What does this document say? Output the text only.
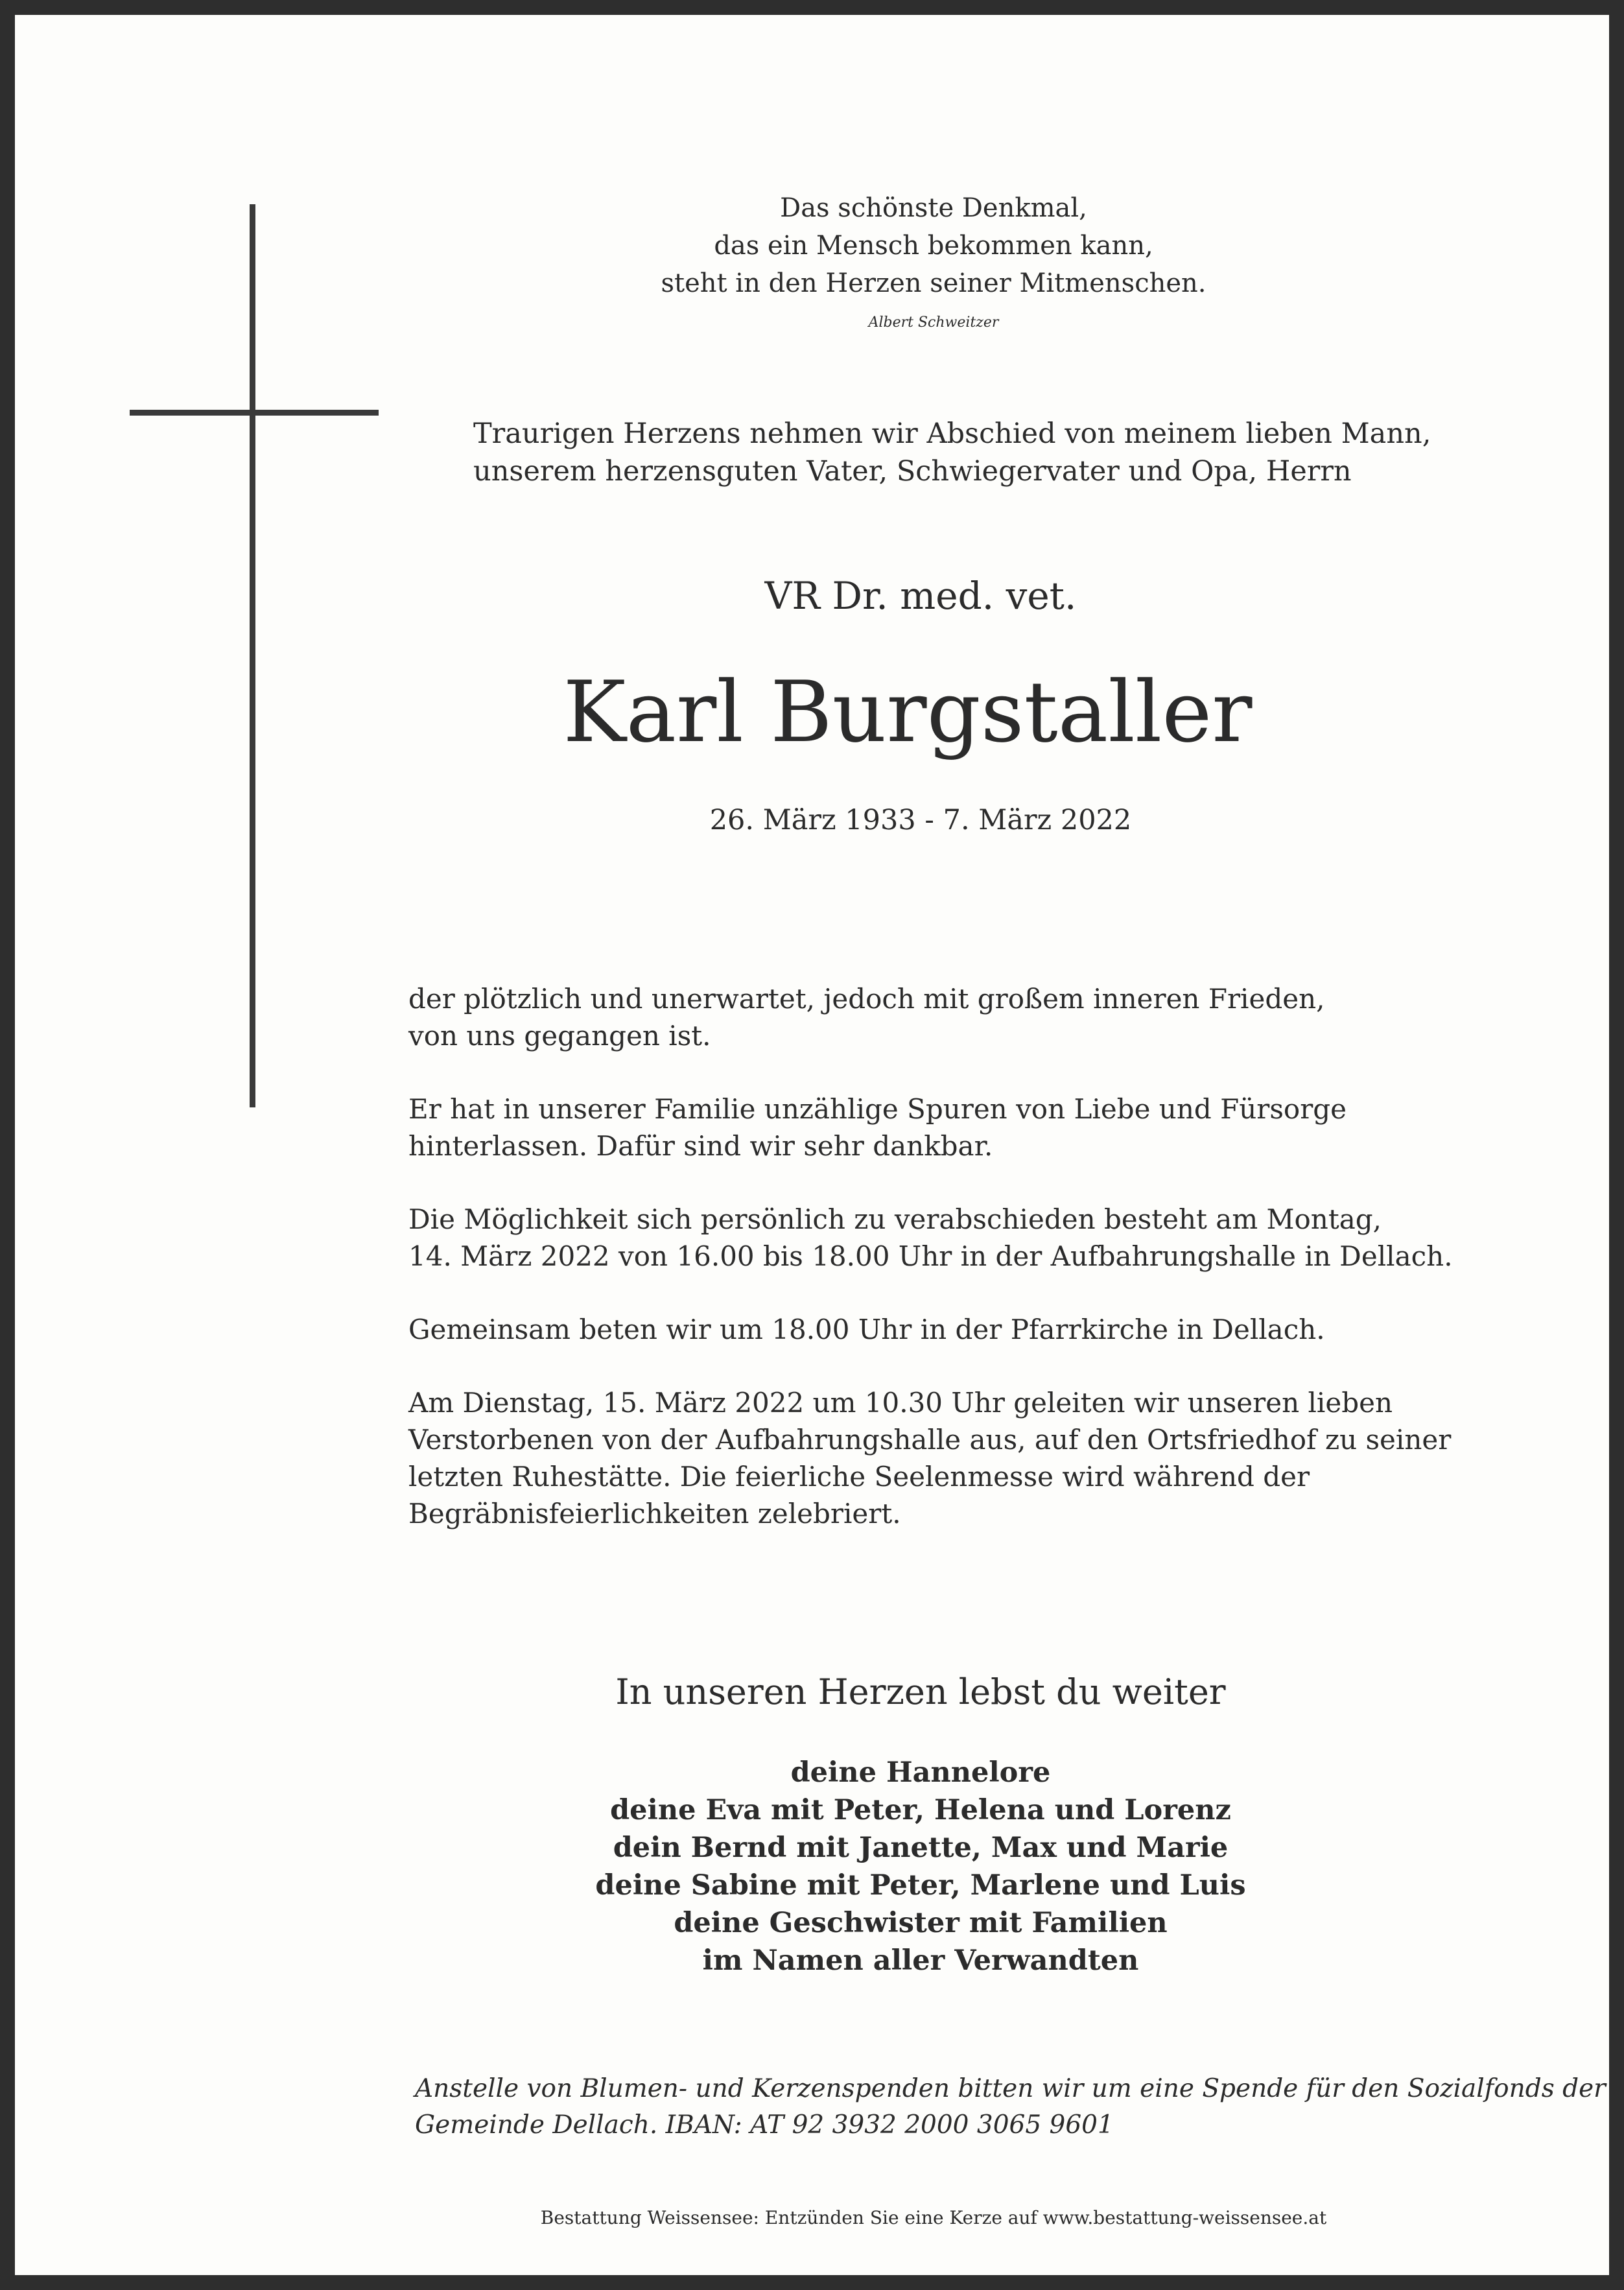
Das schönste Denkmal,
das ein Mensch bekommen kann,
steht in den Herzen seiner Mitmenschen.
Albert Schweitzer
Traurigen Herzens nehmen wir Abschied von meinem lieben Mann,
unserem herzensguten Vater, Schwiegervater und Opa, Herrn
VR Dr. med. vet.
Karl Burgstaller
26. März 1933 - 7. März 2022

der plötzlich und unerwartet, jedoch mit großem inneren Frieden,
von uns gegangen ist.

Er hat in unserer Familie unzählige Spuren von Liebe und Fürsorge
hinterlassen. Dafür sind wir sehr dankbar.

Die Möglichkeit sich persönlich zu verabschieden besteht am Montag,
14. März 2022 von 16.00 bis 18.00 Uhr in der Aufbahrungshalle in Dellach.

Gemeinsam beten wir um 18.00 Uhr in der Pfarrkirche in Dellach.

Am Dienstag, 15. März 2022 um 10.30 Uhr geleiten wir unseren lieben
Verstorbenen von der Aufbahrungshalle aus, auf den Ortsfriedhof zu seiner
letzten Ruhestätte. Die feierliche Seelenmesse wird während der
Begräbnisfeierlichkeiten zelebriert.

In unseren Herzen lebst du weiter
deine Hannelore
deine Eva mit Peter, Helena und Lorenz
dein Bernd mit Janette, Max und Marie
deine Sabine mit Peter, Marlene und Luis
deine Geschwister mit Familien
im Namen aller Verwandten
Anstelle von Blumen- und Kerzenspenden bitten wir um eine Spende für den Sozialfonds der
Gemeinde Dellach. IBAN: AT 92 3932 2000 3065 9601
Bestattung Weissensee: Entzünden Sie eine Kerze auf www.bestattung-weissensee.at
